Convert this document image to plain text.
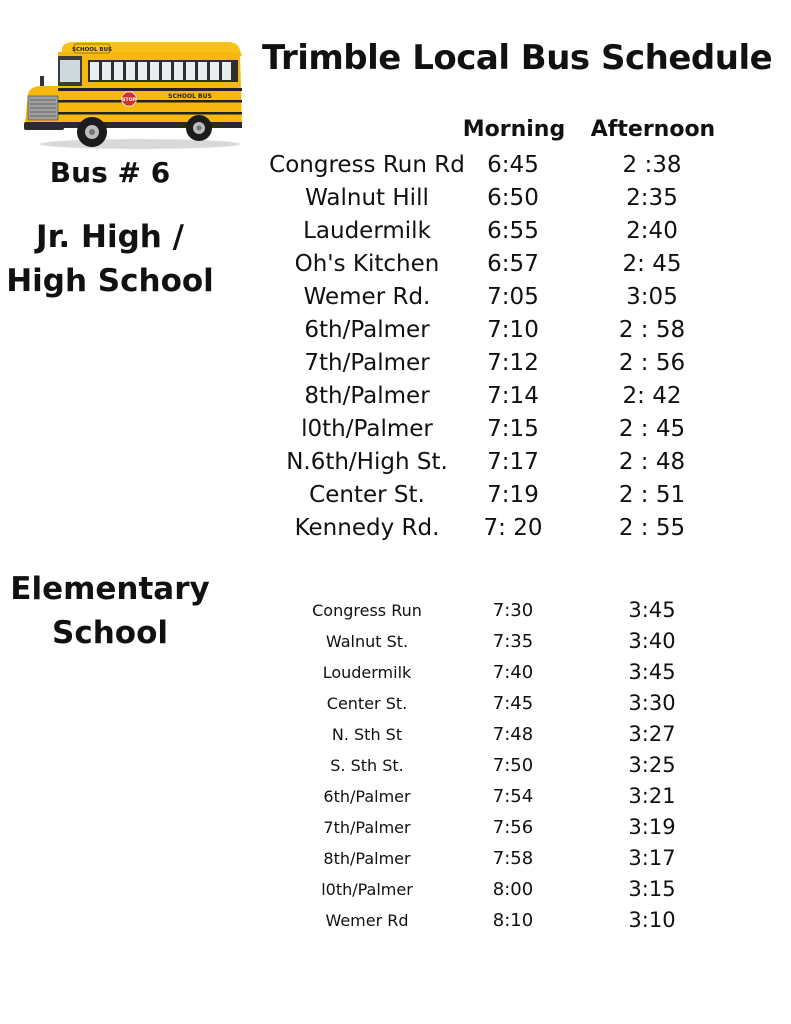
SCHOOL BUS
SCHOOL BUS
STOP
Trimble Local Bus Schedule
Bus # 6
Jr. High /
High School
Elementary
School
Morning	Afternoon
Congress Run Rd 6:45	2 :38
Walnut Hill	6:50	2:35
Laudermilk	6:55	2:40
Oh's Kitchen	6:57	2: 45
Wemer Rd.	7:05	3:05
6th/Palmer	7:10	2 : 58
7th/Palmer	7:12	2 : 56
8th/Palmer	7:14	2: 42
l0th/Palmer	7:15	2 : 45
N.6th/High St.	7:17	2 : 48
Center St.	7:19	2 : 51
Kennedy Rd.	7: 20	2 : 55
Congress Run	7:30	3:45
Walnut St.	7:35	3:40
Loudermilk	7:40	3:45
Center St.	7:45	3:30
N. Sth St	7:48	3:27
S. Sth St.	7:50	3:25
6th/Palmer	7:54	3:21
7th/Palmer	7:56	3:19
8th/Palmer	7:58	3:17
l0th/Palmer	8:00	3:15
Wemer Rd	8:10	3:10
